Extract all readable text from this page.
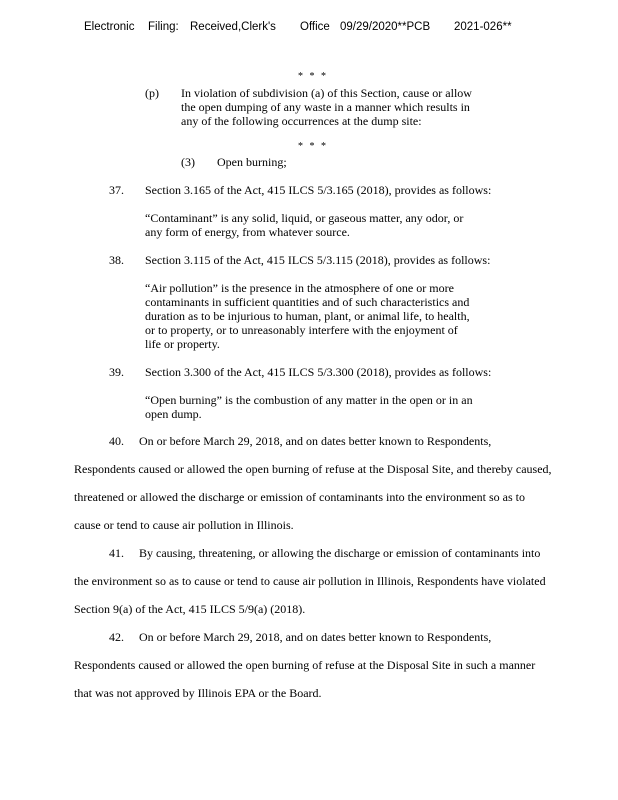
Electronic Filing: Received,Clerk's Office 09/29/2020**PCB 2021-026**
* * *
(p) In violation of subdivision (a) of this Section, cause or allow
the open dumping of any waste in a manner which results in
any of the following occurrences at the dump site:
* * *
(3) Open burning;
37. Section 3.165 of the Act, 415 ILCS 5/3.165 (2018), provides as follows:
“Contaminant” is any solid, liquid, or gaseous matter, any odor, or
any form of energy, from whatever source.
38. Section 3.115 of the Act, 415 ILCS 5/3.115 (2018), provides as follows:
“Air pollution” is the presence in the atmosphere of one or more
contaminants in sufficient quantities and of such characteristics and
duration as to be injurious to human, plant, or animal life, to health,
or to property, or to unreasonably interfere with the enjoyment of
life or property.
39. Section 3.300 of the Act, 415 ILCS 5/3.300 (2018), provides as follows:
“Open burning” is the combustion of any matter in the open or in an
open dump.
40.     On or before March 29, 2018, and on dates better known to Respondents,
Respondents caused or allowed the open burning of refuse at the Disposal Site, and thereby caused,
threatened or allowed the discharge or emission of contaminants into the environment so as to
cause or tend to cause air pollution in Illinois.
41.     By causing, threatening, or allowing the discharge or emission of contaminants into
the environment so as to cause or tend to cause air pollution in Illinois, Respondents have violated
Section 9(a) of the Act, 415 ILCS 5/9(a) (2018).
42.     On or before March 29, 2018, and on dates better known to Respondents,
Respondents caused or allowed the open burning of refuse at the Disposal Site in such a manner
that was not approved by Illinois EPA or the Board.
